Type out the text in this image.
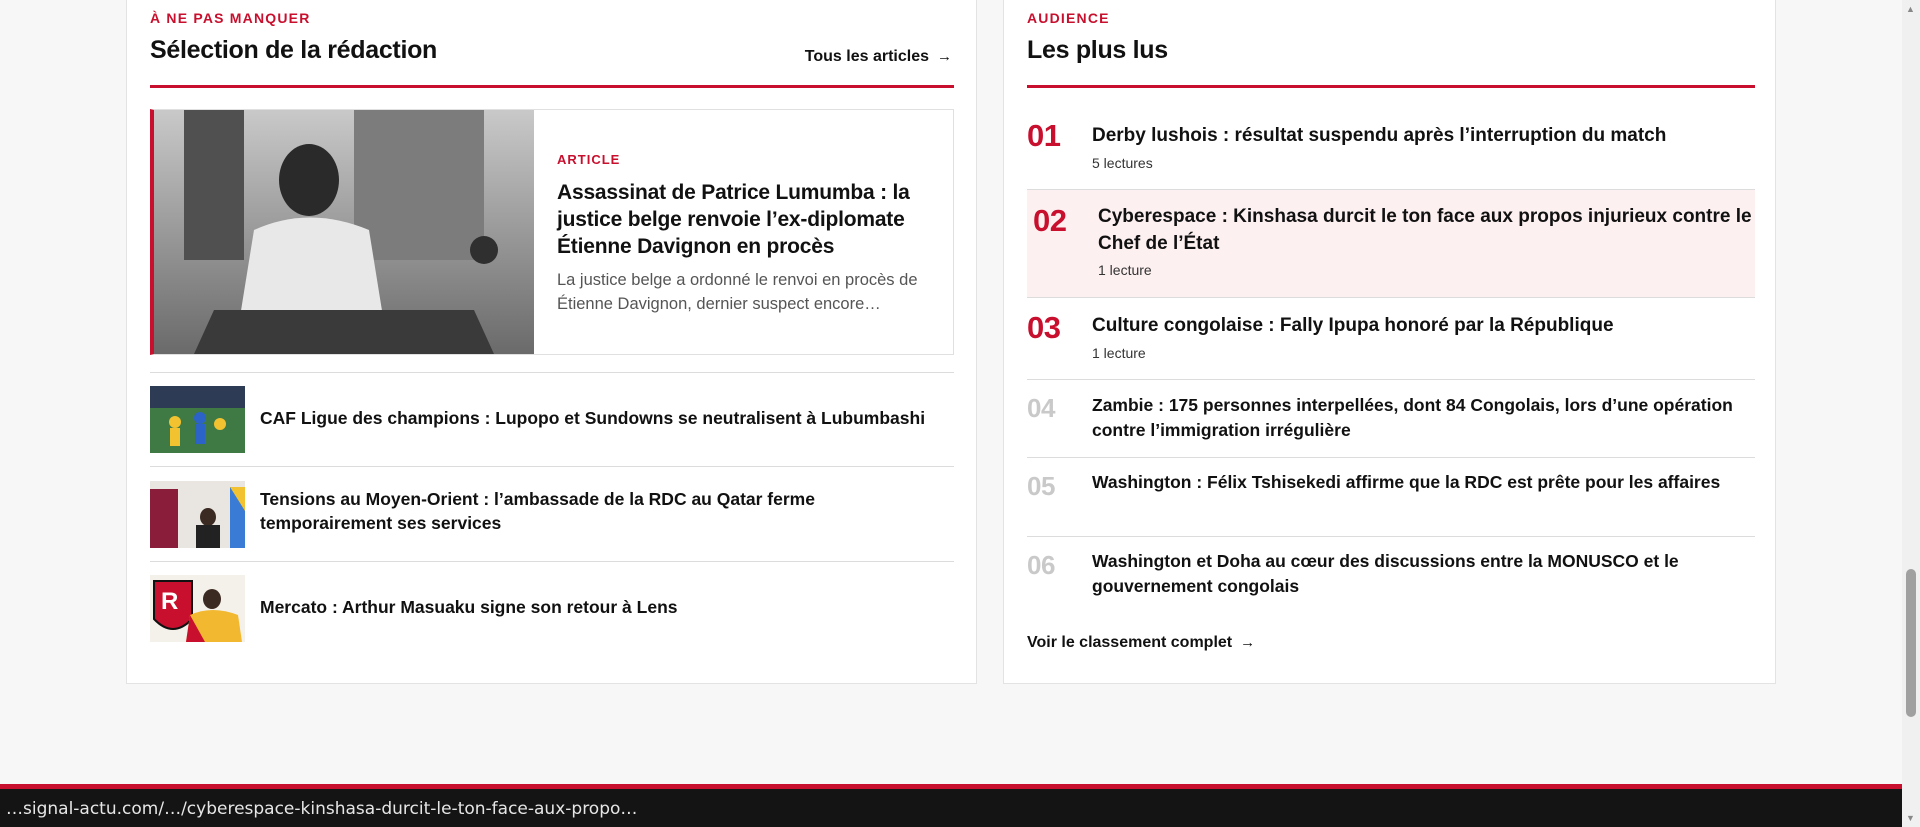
À NE PAS MANQUER
Sélection de la rédaction	Tous les articles →
ARTICLE
Assassinat de Patrice Lumumba : la justice belge renvoie l’ex-diplomate Étienne Davignon en procès

La justice belge a ordonné le renvoi en procès de Étienne Davignon, dernier suspect encore…

CAF Ligue des champions : Lupopo et Sundowns se neutralisent à Lubumbashi
Tensions au Moyen-Orient : l’ambassade de la RDC au Qatar ferme temporairement ses services
R	Mercato : Arthur Masuaku signe son retour à Lens
AUDIENCE
Les plus lus
01 Derby lushois : résultat suspendu après l’interruption du match
5 lectures
02 Cyberespace : Kinshasa durcit le ton face aux propos injurieux contre le Chef de l’État
1 lecture
03 Culture congolaise : Fally Ipupa honoré par la République
1 lecture
04 Zambie : 175 personnes interpellées, dont 84 Congolais, lors d’une opération contre l’immigration irrégulière
05 Washington : Félix Tshisekedi affirme que la RDC est prête pour les affaires
06 Washington et Doha au cœur des discussions entre la MONUSCO et le gouvernement congolais
Voir le classement complet →
…signal-actu.com/…/cyberespace-kinshasa-durcit-le-ton-face-aux-propo…
▲
▼
